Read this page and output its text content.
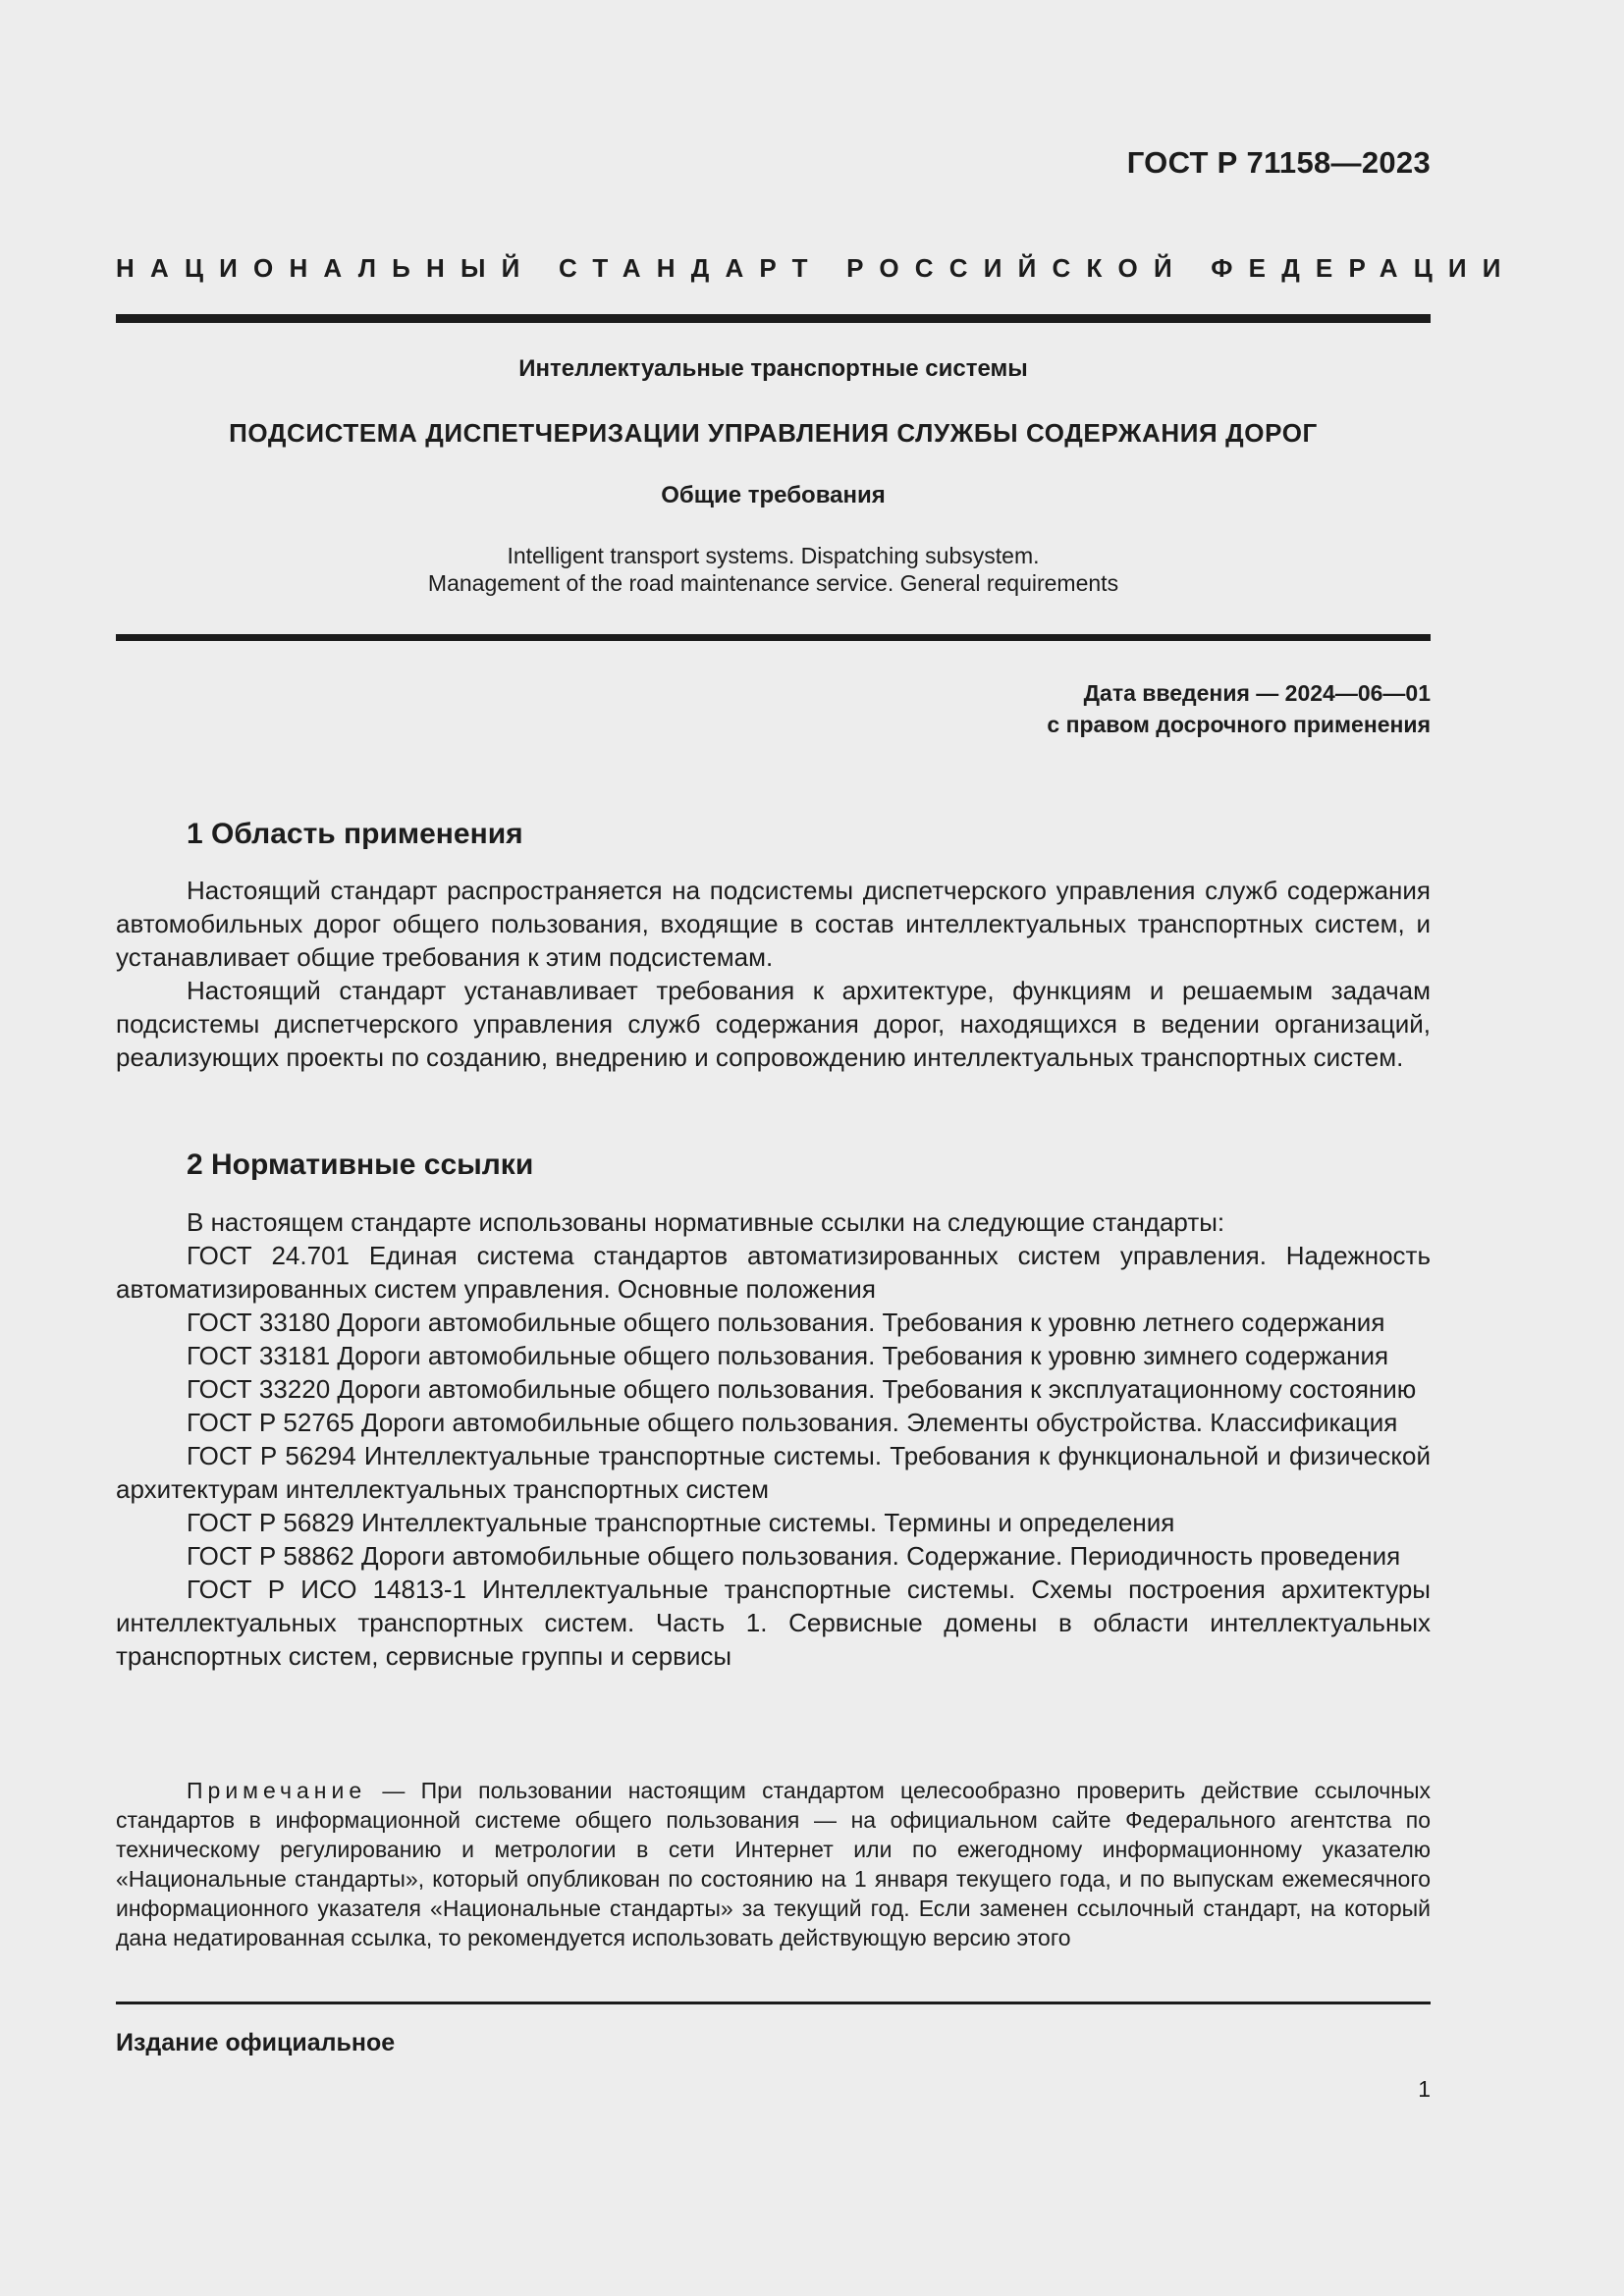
ГОСТ Р 71158—2023
НАЦИОНАЛЬНЫЙ СТАНДАРТ РОССИЙСКОЙ ФЕДЕРАЦИИ
Интеллектуальные транспортные системы
ПОДСИСТЕМА ДИСПЕТЧЕРИЗАЦИИ УПРАВЛЕНИЯ СЛУЖБЫ СОДЕРЖАНИЯ ДОРОГ
Общие требования
Intelligent transport systems. Dispatching subsystem.
Management of the road maintenance service. General requirements
Дата введения — 2024—06—01
с правом досрочного применения
1 Область применения

Настоящий стандарт распространяется на подсистемы диспетчерского управления служб содержания автомобильных дорог общего пользования, входящие в состав интеллектуальных транспортных систем, и устанавливает общие требования к этим подсистемам.

Настоящий стандарт устанавливает требования к архитектуре, функциям и решаемым задачам подсистемы диспетчерского управления служб содержания дорог, находящихся в ведении организаций, реализующих проекты по созданию, внедрению и сопровождению интеллектуальных транспортных систем.

2 Нормативные ссылки

В настоящем стандарте использованы нормативные ссылки на следующие стандарты:

ГОСТ 24.701 Единая система стандартов автоматизированных систем управления. Надежность автоматизированных систем управления. Основные положения

ГОСТ 33180 Дороги автомобильные общего пользования. Требования к уровню летнего содержания

ГОСТ 33181 Дороги автомобильные общего пользования. Требования к уровню зимнего содержания

ГОСТ 33220 Дороги автомобильные общего пользования. Требования к эксплуатационному состоянию

ГОСТ Р 52765 Дороги автомобильные общего пользования. Элементы обустройства. Классификация

ГОСТ Р 56294 Интеллектуальные транспортные системы. Требования к функциональной и физической архитектурам интеллектуальных транспортных систем

ГОСТ Р 56829 Интеллектуальные транспортные системы. Термины и определения

ГОСТ Р 58862 Дороги автомобильные общего пользования. Содержание. Периодичность проведения

ГОСТ Р ИСО 14813-1 Интеллектуальные транспортные системы. Схемы построения архитектуры интеллектуальных транспортных систем. Часть 1. Сервисные домены в области интеллектуальных транспортных систем, сервисные группы и сервисы

Примечание — При пользовании настоящим стандартом целесообразно проверить действие ссылочных стандартов в информационной системе общего пользования — на официальном сайте Федерального агентства по техническому регулированию и метрологии в сети Интернет или по ежегодному информационному указателю «Национальные стандарты», который опубликован по состоянию на 1 января текущего года, и по выпускам ежемесячного информационного указателя «Национальные стандарты» за текущий год. Если заменен ссылочный стандарт, на который дана недатированная ссылка, то рекомендуется использовать действующую версию этого

Издание официальное
1
